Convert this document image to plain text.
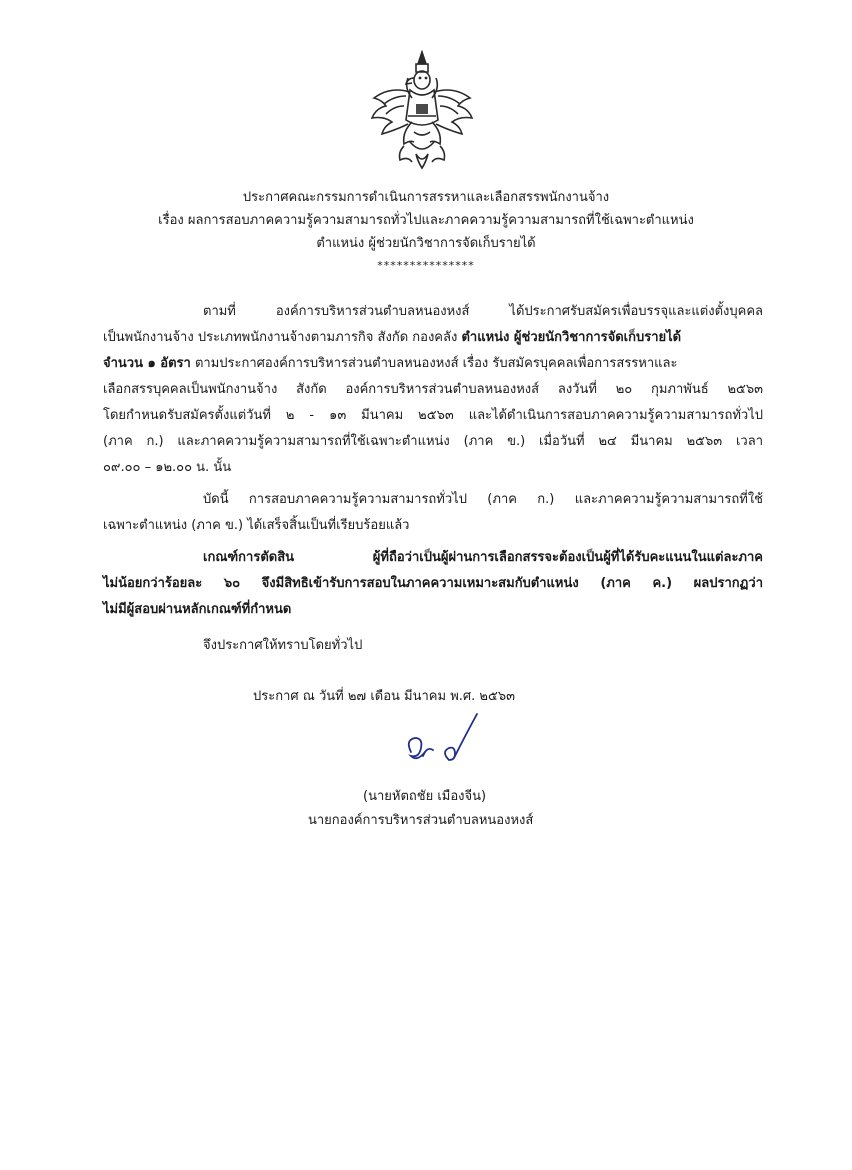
ประกาศคณะกรรมการดำเนินการสรรหาและเลือกสรรพนักงานจ้าง
เรื่อง ผลการสอบภาคความรู้ความสามารถทั่วไปและภาคความรู้ความสามารถที่ใช้เฉพาะตำแหน่ง
ตำแหน่ง ผู้ช่วยนักวิชาการจัดเก็บรายได้
***************
ตามที่ องค์การบริหารส่วนตำบลหนองหงส์ ได้ประกาศรับสมัครเพื่อบรรจุและแต่งตั้งบุคคล
เป็นพนักงานจ้าง ประเภทพนักงานจ้างตามภารกิจ สังกัด กองคลัง ตำแหน่ง ผู้ช่วยนักวิชาการจัดเก็บรายได้
จำนวน ๑ อัตรา ตามประกาศองค์การบริหารส่วนตำบลหนองหงส์ เรื่อง รับสมัครบุคคลเพื่อการสรรหาและ
เลือกสรรบุคคลเป็นพนักงานจ้าง สังกัด องค์การบริหารส่วนตำบลหนองหงส์ ลงวันที่ ๒๐ กุมภาพันธ์ ๒๕๖๓
โดยกำหนดรับสมัครตั้งแต่วันที่ ๒ - ๑๓ มีนาคม ๒๕๖๓ และได้ดำเนินการสอบภาคความรู้ความสามารถทั่วไป
(ภาค ก.) และภาคความรู้ความสามารถที่ใช้เฉพาะตำแหน่ง (ภาค ข.) เมื่อวันที่ ๒๔ มีนาคม ๒๕๖๓ เวลา
๐๙.๐๐ – ๑๒.๐๐ น. นั้น
บัดนี้ การสอบภาคความรู้ความสามารถทั่วไป (ภาค ก.) และภาคความรู้ความสามารถที่ใช้
เฉพาะตำแหน่ง (ภาค ข.) ได้เสร็จสิ้นเป็นที่เรียบร้อยแล้ว
เกณฑ์การตัดสิน ผู้ที่ถือว่าเป็นผู้ผ่านการเลือกสรรจะต้องเป็นผู้ที่ได้รับคะแนนในแต่ละภาค
ไม่น้อยกว่าร้อยละ ๖๐ จึงมีสิทธิเข้ารับการสอบในภาคความเหมาะสมกับตำแหน่ง (ภาค ค.) ผลปรากฏว่า
ไม่มีผู้สอบผ่านหลักเกณฑ์ที่กำหนด
จึงประกาศให้ทราบโดยทั่วไป
ประกาศ ณ วันที่ ๒๗ เดือน มีนาคม พ.ศ. ๒๕๖๓
(นายหัตถชัย เมืองจีน)
นายกองค์การบริหารส่วนตำบลหนองหงส์
